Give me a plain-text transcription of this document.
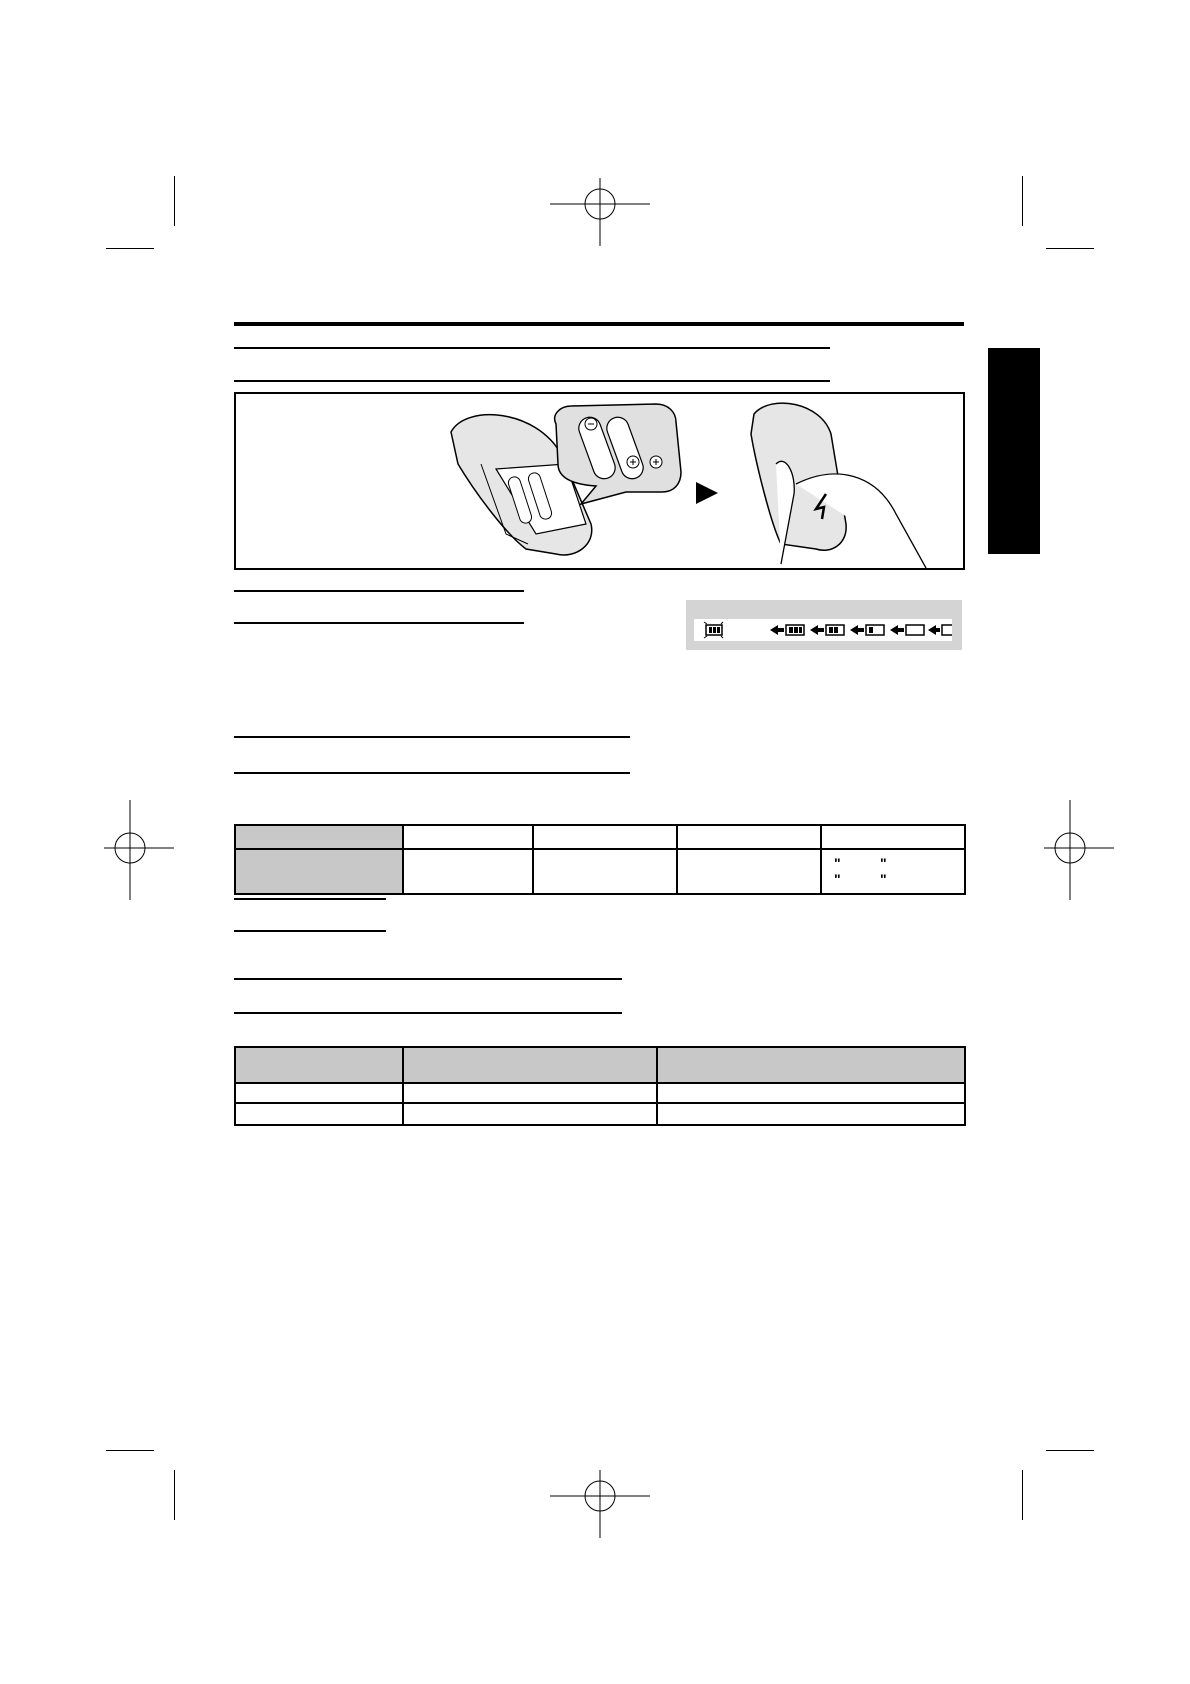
" "
" "
